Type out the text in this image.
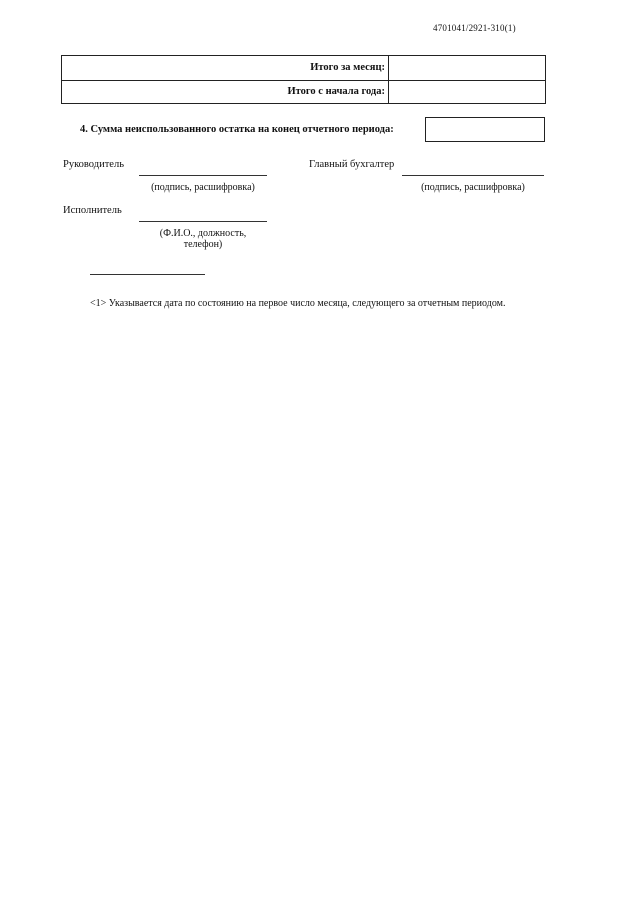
4701041/2921-310(1)
Итого за месяц:
Итого с начала года:
4. Сумма неиспользованного остатка на конец отчетного периода:
Руководитель
(подпись, расшифровка)
Главный бухгалтер
(подпись, расшифровка)
Исполнитель
(Ф.И.О., должность,
телефон)
<1> Указывается дата по состоянию на первое число месяца, следующего за отчетным периодом.
